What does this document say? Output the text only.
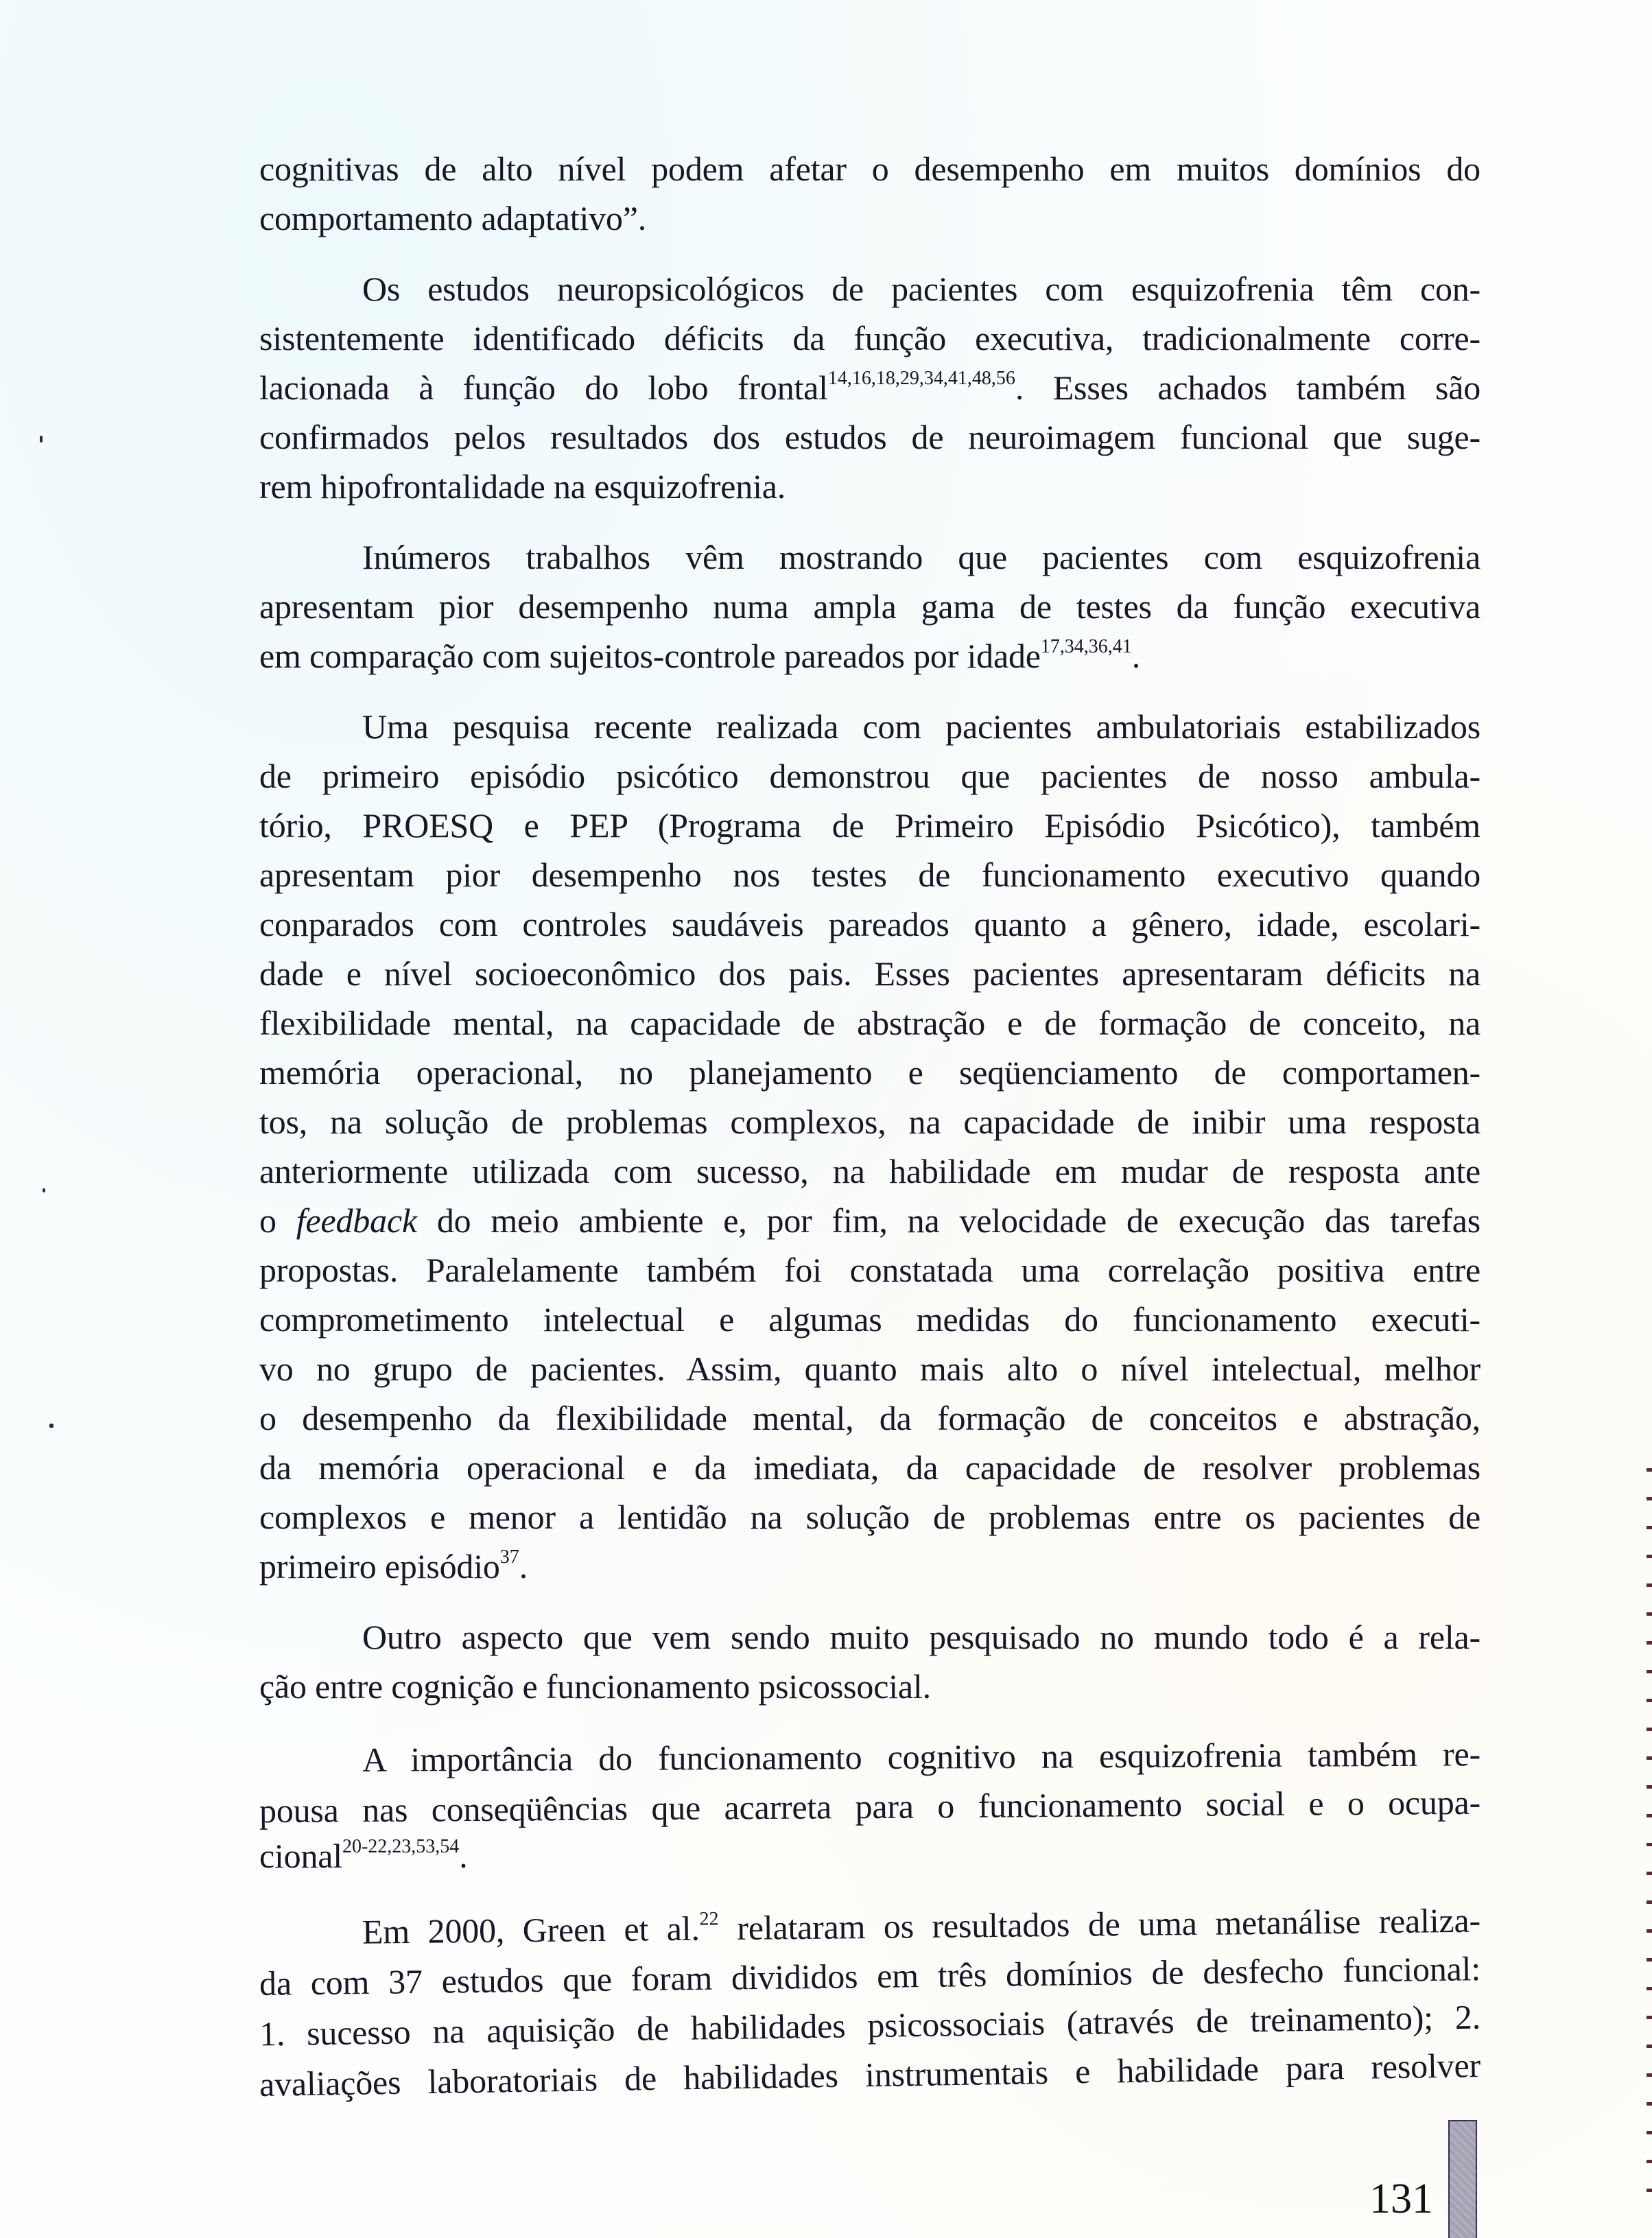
cognitivas de alto nível podem afetar o desempenho em muitos domínios do
comportamento adaptativo”.
Os estudos neuropsicológicos de pacientes com esquizofrenia têm con-
sistentemente identificado déficits da função executiva, tradicionalmente corre-
lacionada à função do lobo frontal$^{14,16,18,29,34,41,48,56}$. Esses achados também são
confirmados pelos resultados dos estudos de neuroimagem funcional que suge-
rem hipofrontalidade na esquizofrenia.
Inúmeros trabalhos vêm mostrando que pacientes com esquizofrenia
apresentam pior desempenho numa ampla gama de testes da função executiva
em comparação com sujeitos-controle pareados por idade$^{17,34,36,41}$.
Uma pesquisa recente realizada com pacientes ambulatoriais estabilizados
de primeiro episódio psicótico demonstrou que pacientes de nosso ambula-
tório, PROESQ e PEP (Programa de Primeiro Episódio Psicótico), também
apresentam pior desempenho nos testes de funcionamento executivo quando
conparados com controles saudáveis pareados quanto a gênero, idade, escolari-
dade e nível socioeconômico dos pais. Esses pacientes apresentaram déficits na
flexibilidade mental, na capacidade de abstração e de formação de conceito, na
memória operacional, no planejamento e seqüenciamento de comportamen-
tos, na solução de problemas complexos, na capacidade de inibir uma resposta
anteriormente utilizada com sucesso, na habilidade em mudar de resposta ante
o feedback do meio ambiente e, por fim, na velocidade de execução das tarefas
propostas. Paralelamente também foi constatada uma correlação positiva entre
comprometimento intelectual e algumas medidas do funcionamento executi-
vo no grupo de pacientes. Assim, quanto mais alto o nível intelectual, melhor
o desempenho da flexibilidade mental, da formação de conceitos e abstração,
da memória operacional e da imediata, da capacidade de resolver problemas
complexos e menor a lentidão na solução de problemas entre os pacientes de
primeiro episódio$^{37}$.
Outro aspecto que vem sendo muito pesquisado no mundo todo é a rela-
ção entre cognição e funcionamento psicossocial.
A importância do funcionamento cognitivo na esquizofrenia também re-
pousa nas conseqüências que acarreta para o funcionamento social e o ocupa-
cional$^{20-22,23,53,54}$.
Em 2000, Green et al.$^{22}$ relataram os resultados de uma metanálise realiza-
da com 37 estudos que foram divididos em três domínios de desfecho funcional:
1. sucesso na aquisição de habilidades psicossociais (através de treinamento); 2.
avaliações laboratoriais de habilidades instrumentais e habilidade para resolver
131
